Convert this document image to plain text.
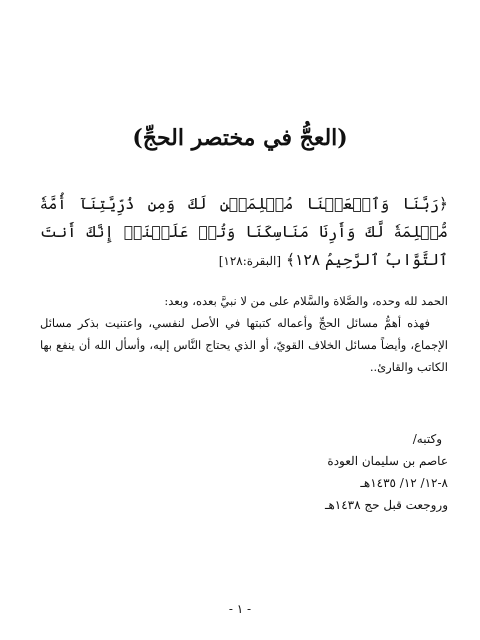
(العجُّ في مختصر الحجِّ)
﴿رَبَّنَا وَٱجۡعَلۡنَا مُسۡلِمَيۡنِ لَكَ وَمِن ذُرِّيَّتِنَآ أُمَّةٗ مُّسۡلِمَةٗ لَّكَ وَأَرِنَا مَنَاسِكَنَا وَتُبۡ عَلَيۡنَآۖ إِنَّكَ أَنتَ ٱلتَّوَّابُ ٱلرَّحِيمُ ١٢٨﴾ [البقرة:١٢٨]

الحمد لله وحده، والصَّلاة والسَّلام على من لا نبيَّ بعده، وبعد:

فهذه أهمُّ مسائل الحجِّ وأعماله كتبتها في الأصل لنفسي، واعتنيت بذكر مسائل الإجماع، وأيضاً مسائل الخلاف القويّ، أو الذي يحتاج النَّاس إليه، وأسأل الله أن ينفع بها الكاتب والقارئ..

وكتبه/
عاصم بن سليمان العودة
٨-١٢/ ١٢/ ١٤٣٥هـ
وروجعت قبل حج ١٤٣٨هـ
- ١ -
